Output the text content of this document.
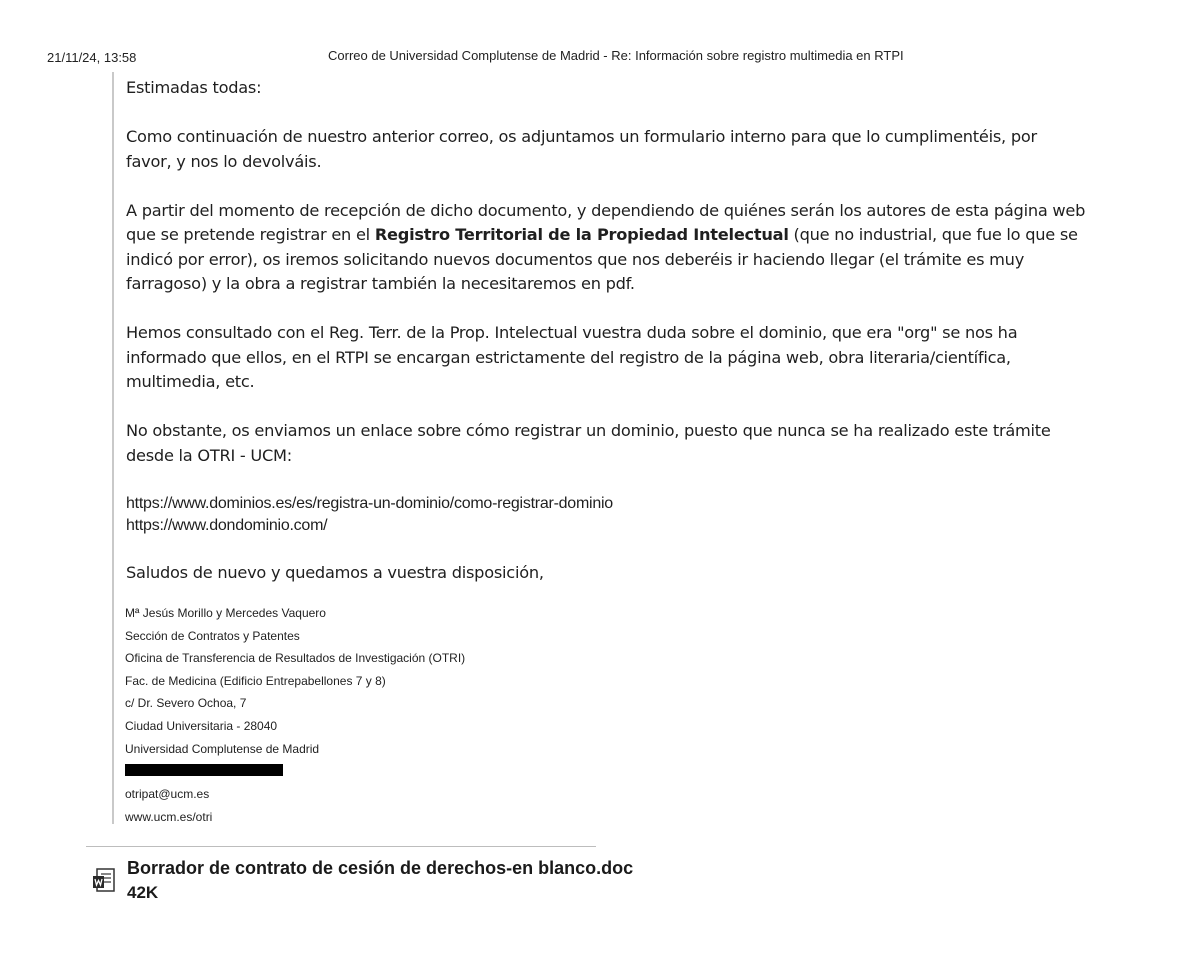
21/11/24, 13:58	Correo de Universidad Complutense de Madrid - Re: Información sobre registro multimedia en RTPI

Estimadas todas:

Como continuación de nuestro anterior correo, os adjuntamos un formulario interno para que lo cumplimentéis, por favor, y nos lo devolváis.

A partir del momento de recepción de dicho documento, y dependiendo de quiénes serán los autores de esta página web que se pretende registrar en el Registro Territorial de la Propiedad Intelectual (que no industrial, que fue lo que se indicó por error), os iremos solicitando nuevos documentos que nos deberéis ir haciendo llegar (el trámite es muy farragoso) y la obra a registrar también la necesitaremos en pdf.

Hemos consultado con el Reg. Terr. de la Prop. Intelectual vuestra duda sobre el dominio, que era "org" se nos ha informado que ellos, en el RTPI se encargan estrictamente del registro de la página web, obra literaria/científica, multimedia, etc.

No obstante, os enviamos un enlace sobre cómo registrar un dominio, puesto que nunca se ha realizado este trámite desde la OTRI - UCM:

https://www.dominios.es/es/registra-un-dominio/como-registrar-dominio
https://www.dondominio.com/

Saludos de nuevo y quedamos a vuestra disposición,

Mª Jesús Morillo y Mercedes Vaquero
Sección de Contratos y Patentes
Oficina de Transferencia de Resultados de Investigación (OTRI)
Fac. de Medicina (Edificio Entrepabellones 7 y 8)
c/ Dr. Severo Ochoa, 7
Ciudad Universitaria - 28040
Universidad Complutense de Madrid
otripat@ucm.es
www.ucm.es/otri
Borrador de contrato de cesión de derechos-en blanco.doc
42K
